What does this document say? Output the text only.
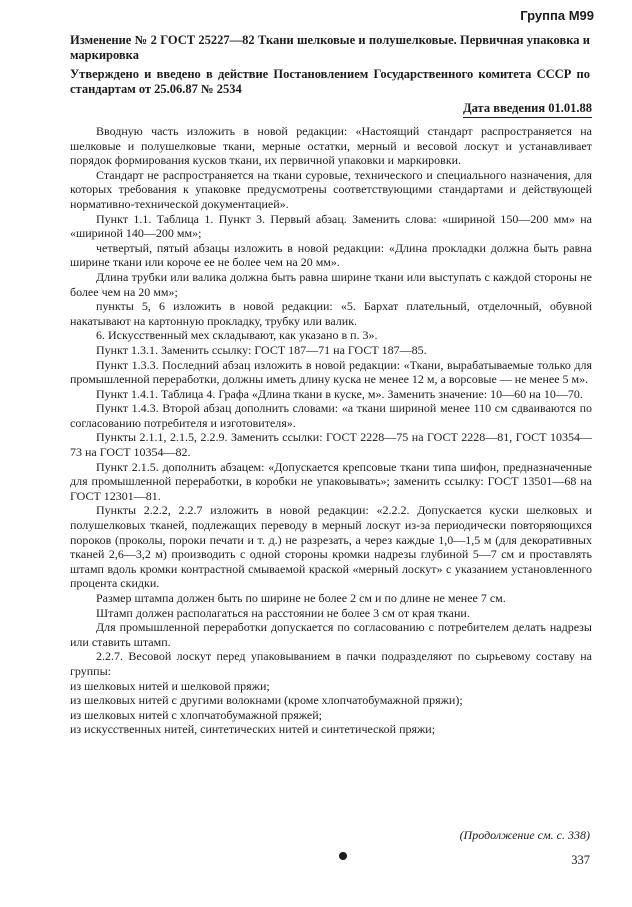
Группа М99
Изменение № 2 ГОСТ 25227—82 Ткани шелковые и полушелковые. Первичная упаковка и маркировка
Утверждено и введено в действие Постановлением Государственного комитета СССР по стандартам от 25.06.87 № 2534
Дата введения 01.01.88

Вводную часть изложить в новой редакции: «Настоящий стандарт распространяется на шелковые и полушелковые ткани, мерные остатки, мерный и весовой лоскут и устанавливает порядок формирования кусков ткани, их первичной упаковки и маркировки.

Стандарт не распространяется на ткани суровые, технического и специального назначения, для которых требования к упаковке предусмотрены соответствующими стандартами и действующей нормативно-технической документацией».

Пункт 1.1. Таблица 1. Пункт 3. Первый абзац. Заменить слова: «шириной 150—200 мм» на «шириной 140—200 мм»;

четвертый, пятый абзацы изложить в новой редакции: «Длина прокладки должна быть равна ширине ткани или короче ее не более чем на 20 мм».

Длина трубки или валика должна быть равна ширине ткани или выступать с каждой стороны не более чем на 20 мм»;

пункты 5, 6 изложить в новой редакции: «5. Бархат плательный, отделочный, обувной накатывают на картонную прокладку, трубку или валик.

6. Искусственный мех складывают, как указано в п. 3».

Пункт 1.3.1. Заменить ссылку: ГОСТ 187—71 на ГОСТ 187—85.

Пункт 1.3.3. Последний абзац изложить в новой редакции: «Ткани, вырабатываемые только для промышленной переработки, должны иметь длину куска не менее 12 м, а ворсовые — не менее 5 м».

Пункт 1.4.1. Таблица 4. Графа «Длина ткани в куске, м». Заменить значение: 10—60 на 10—70.

Пункт 1.4.3. Второй абзац дополнить словами: «а ткани шириной менее 110 см сдваиваются по согласованию потребителя и изготовителя».

Пункты 2.1.1, 2.1.5, 2.2.9. Заменить ссылки: ГОСТ 2228—75 на ГОСТ 2228—81, ГОСТ 10354—73 на ГОСТ 10354—82.

Пункт 2.1.5. дополнить абзацем: «Допускается крепсовые ткани типа шифон, предназначенные для промышленной переработки, в коробки не упаковывать»; заменить ссылку: ГОСТ 13501—68 на ГОСТ 12301—81.

Пункты 2.2.2, 2.2.7 изложить в новой редакции: «2.2.2. Допускается куски шелковых и полушелковых тканей, подлежащих переводу в мерный лоскут из-за периодически повторяющихся пороков (проколы, пороки печати и т. д.) не разрезать, а через каждые 1,0—1,5 м (для декоративных тканей 2,6—3,2 м) производить с одной стороны кромки надрезы глубиной 5—7 см и проставлять штамп вдоль кромки контрастной смываемой краской «мерный лоскут» с указанием установленного процента скидки.

Размер штампа должен быть по ширине не более 2 см и по длине не менее 7 см.

Штамп должен располагаться на расстоянии не более 3 см от края ткани.

Для промышленной переработки допускается по согласованию с потребителем делать надрезы или ставить штамп.

2.2.7. Весовой лоскут перед упаковыванием в пачки подразделяют по сырьевому составу на группы:

из шелковых нитей и шелковой пряжи;

из шелковых нитей с другими волокнами (кроме хлопчатобумажной пряжи);

из шелковых нитей с хлопчатобумажной пряжей;

из искусственных нитей, синтетических нитей и синтетической пряжи;

(Продолжение см. с. 338)
337
